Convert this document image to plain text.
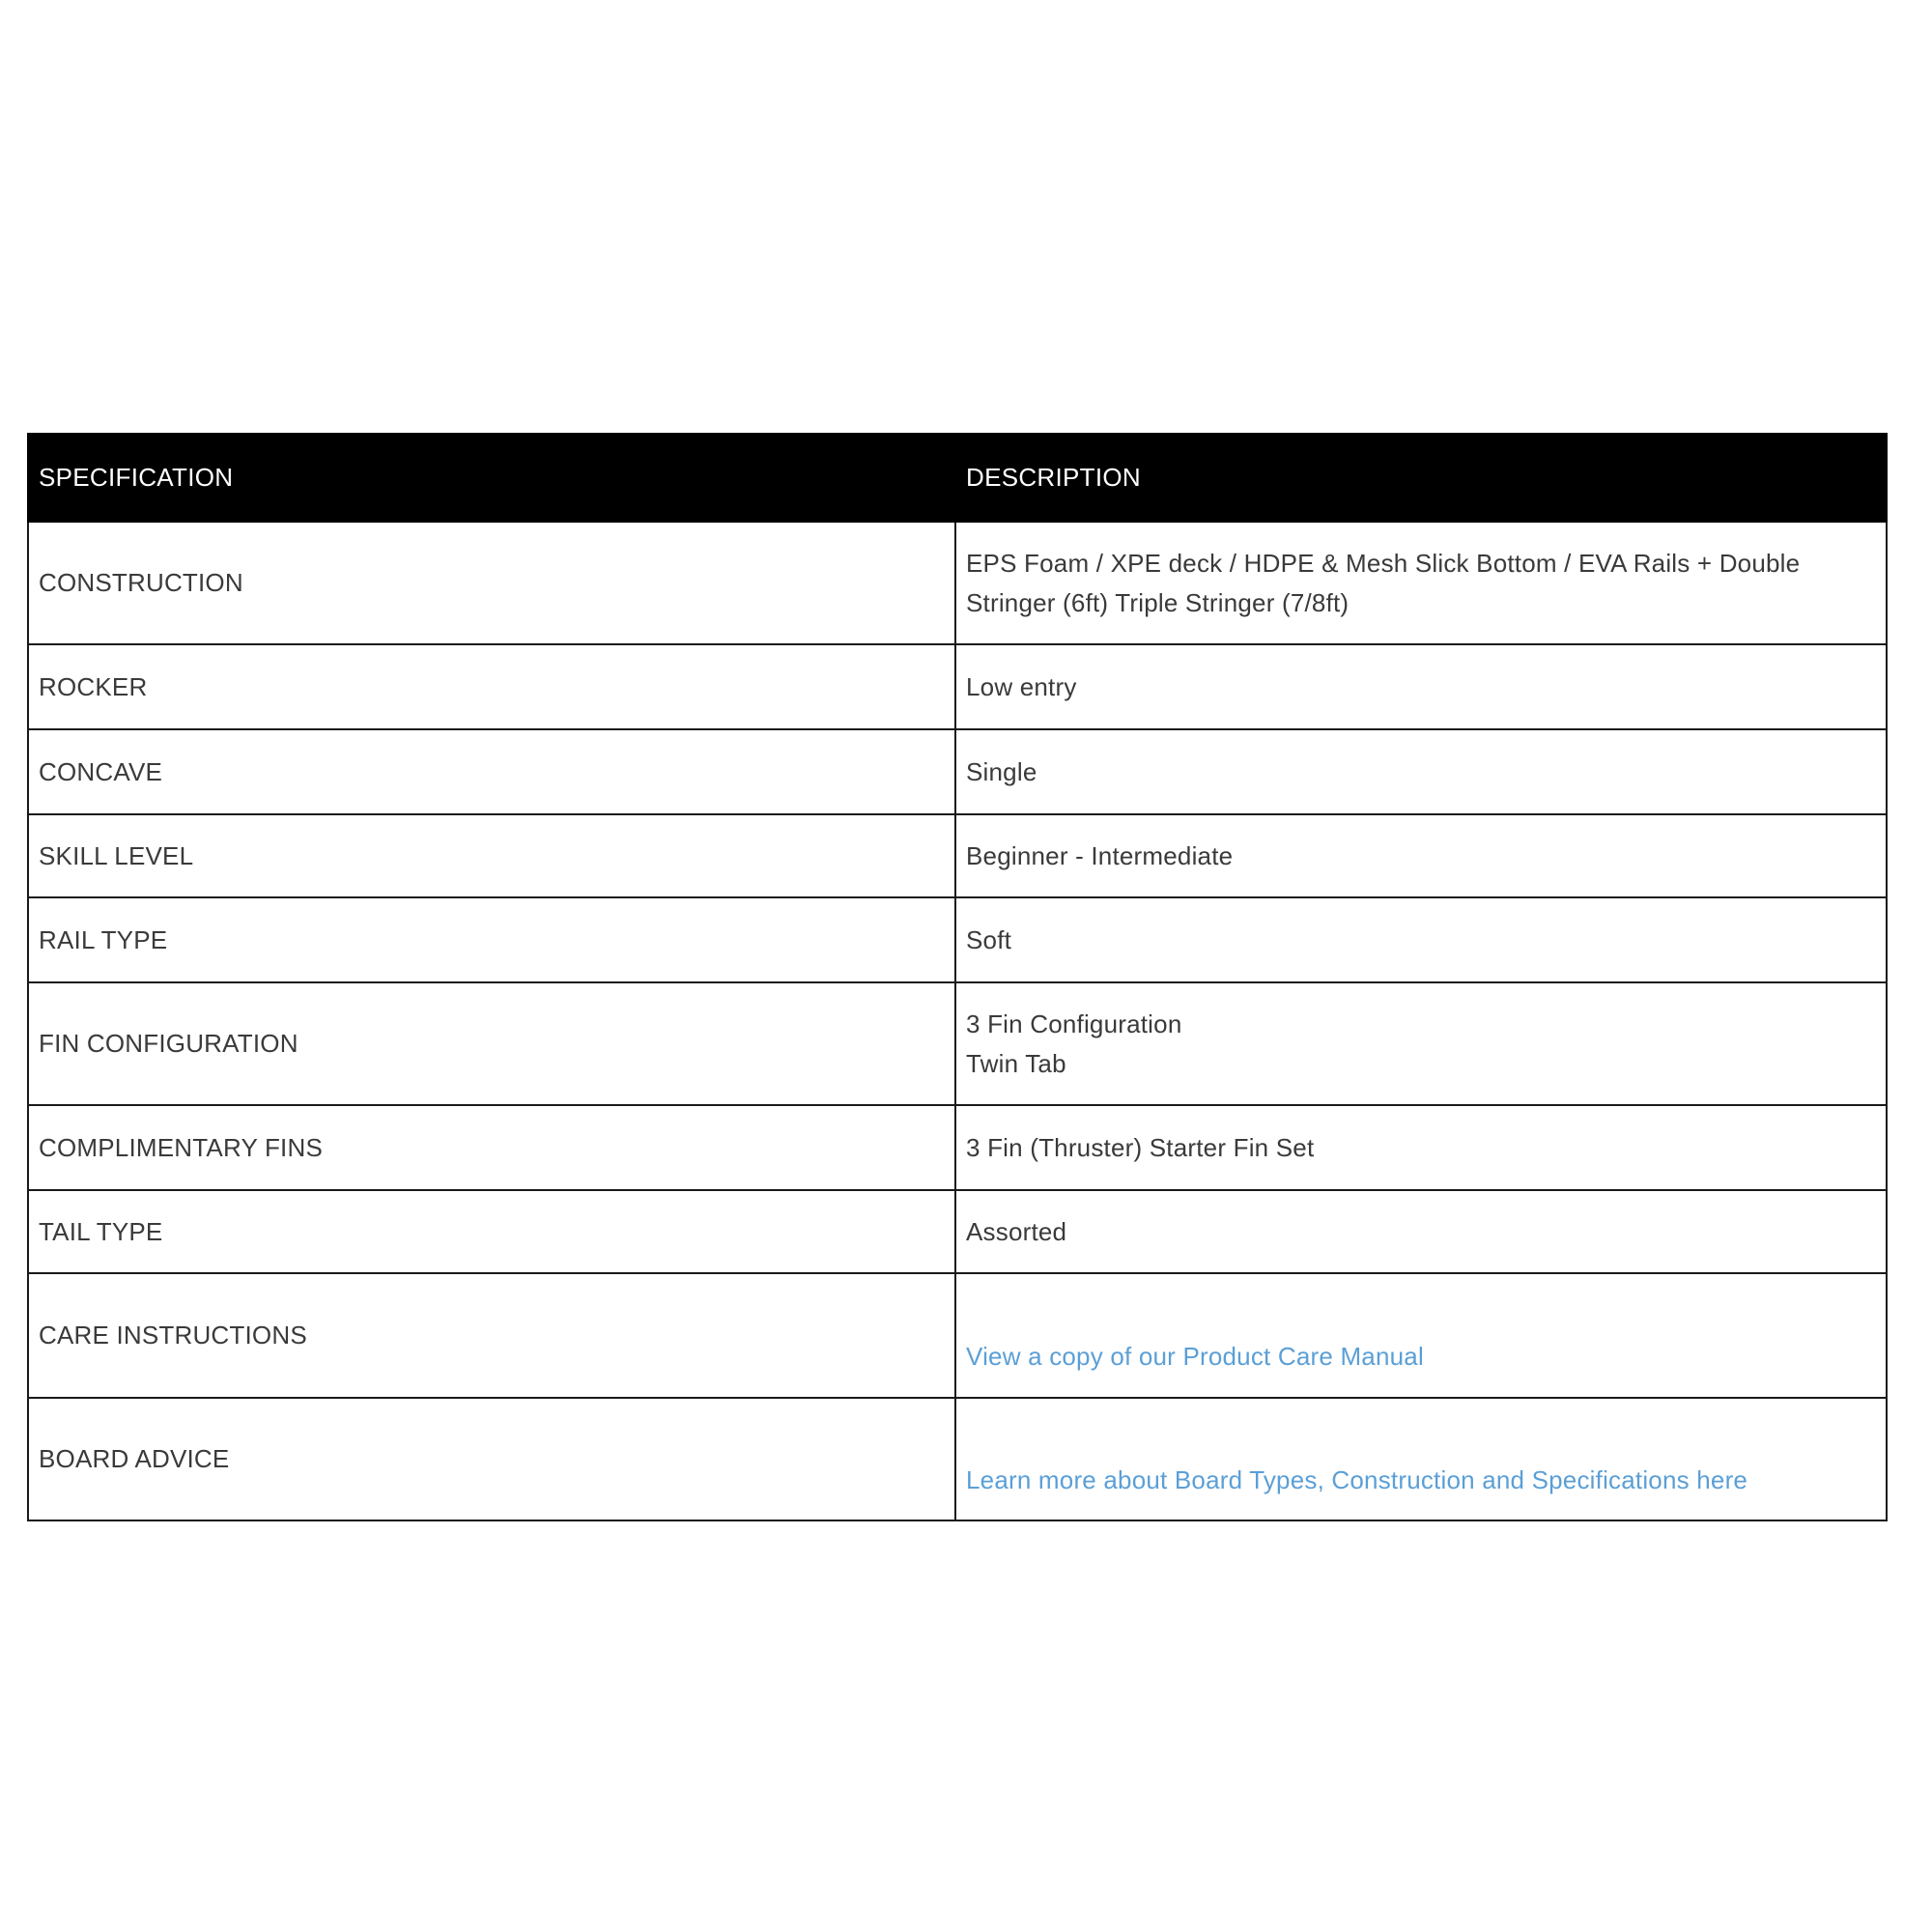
SPECIFICATION	DESCRIPTION
CONSTRUCTION	EPS Foam / XPE deck / HDPE & Mesh Slick Bottom / EVA Rails + Double
Stringer (6ft) Triple Stringer (7/8ft)

ROCKER	Low entry
CONCAVE	Single
SKILL LEVEL	Beginner - Intermediate
RAIL TYPE	Soft
FIN CONFIGURATION	3 Fin Configuration
Twin Tab

COMPLIMENTARY FINS	3 Fin (Thruster) Starter Fin Set
TAIL TYPE	Assorted
CARE INSTRUCTIONS	View a copy of our Product Care Manual

BOARD ADVICE	Learn more about Board Types, Construction and Specifications here
